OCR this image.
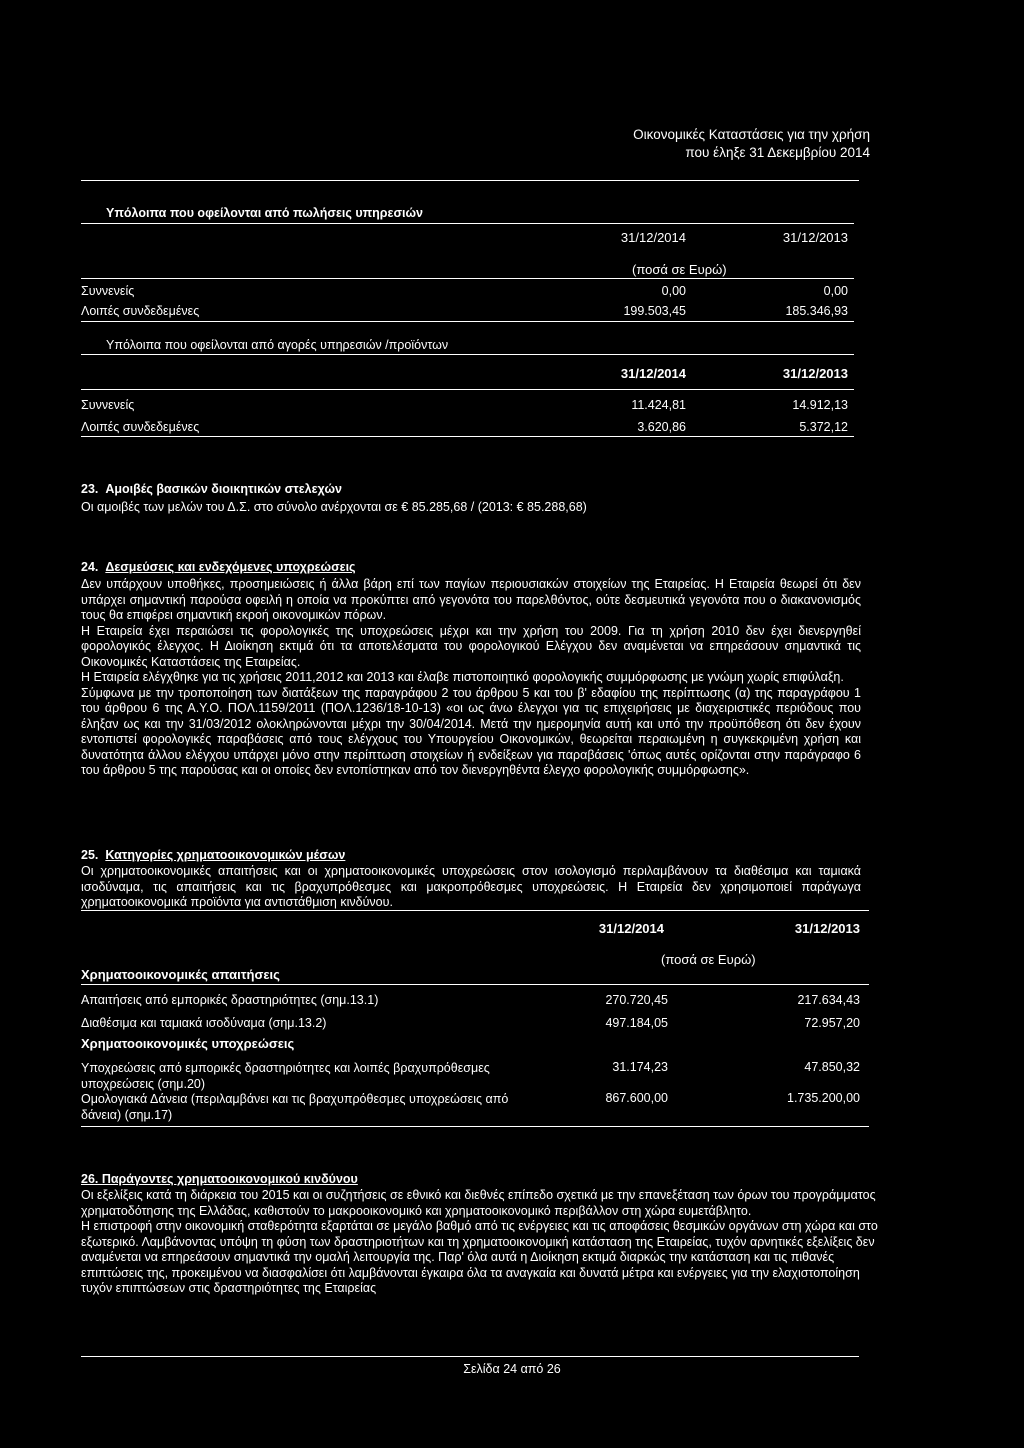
Οικονομικές Καταστάσεις για την χρήση
που έληξε 31 Δεκεμβρίου 2014
Υπόλοιπα που οφείλονται από πωλήσεις υπηρεσιών
31/12/2014	31/12/2013
(ποσά σε Ευρώ)
Συννενείς	0,00	0,00
Λοιπές συνδεδεμένες	199.503,45	185.346,93
Υπόλοιπα που οφείλονται από αγορές υπηρεσιών /προϊόντων
31/12/2014	31/12/2013
Συννενείς	11.424,81	14.912,13
Λοιπές συνδεδεμένες	3.620,86	5.372,12
23. Αμοιβές βασικών διοικητικών στελεχών
Οι αμοιβές των μελών του Δ.Σ. στο σύνολο ανέρχονται σε € 85.285,68 / (2013: € 85.288,68)
24. Δεσμεύσεις και ενδεχόμενες υποχρεώσεις

Δεν υπάρχουν υποθήκες, προσημειώσεις ή άλλα βάρη επί των παγίων περιουσιακών στοιχείων της Εταιρείας. Η Εταιρεία θεωρεί ότι δεν υπάρχει σημαντική παρούσα οφειλή η οποία να προκύπτει από γεγονότα του παρελθόντος, ούτε δεσμευτικά γεγονότα που ο διακανονισμός τους θα επιφέρει σημαντική εκροή οικονομικών πόρων.

Η Εταιρεία έχει περαιώσει τις φορολογικές της υποχρεώσεις μέχρι και την χρήση του 2009. Για τη χρήση 2010 δεν έχει διενεργηθεί φορολογικός έλεγχος. Η Διοίκηση εκτιμά ότι τα αποτελέσματα του φορολογικού Ελέγχου δεν αναμένεται να επηρεάσουν σημαντικά τις Οικονομικές Καταστάσεις της Εταιρείας.

Η Εταιρεία ελέγχθηκε για τις χρήσεις 2011,2012 και 2013 και έλαβε πιστοποιητικό φορολογικής συμμόρφωσης με γνώμη χωρίς επιφύλαξη.

Σύμφωνα με την τροποποίηση των διατάξεων της παραγράφου 2 του άρθρου 5 και του β' εδαφίου της περίπτωσης (α) της παραγράφου 1 του άρθρου 6 της Α.Υ.Ο. ΠΟΛ.1159/2011 (ΠΟΛ.1236/18-10-13) «οι ως άνω έλεγχοι για τις επιχειρήσεις με διαχειριστικές περιόδους που έληξαν ως και την 31/03/2012 ολοκληρώνονται μέχρι την 30/04/2014. Μετά την ημερομηνία αυτή και υπό την προϋπόθεση ότι δεν έχουν εντοπιστεί φορολογικές παραβάσεις από τους ελέγχους του Υπουργείου Οικονομικών, θεωρείται περαιωμένη η συγκεκριμένη χρήση και δυνατότητα άλλου ελέγχου υπάρχει μόνο στην περίπτωση στοιχείων ή ενδείξεων για παραβάσεις 'όπως αυτές ορίζονται στην παράγραφο 6 του άρθρου 5 της παρούσας και οι οποίες δεν εντοπίστηκαν από τον διενεργηθέντα έλεγχο φορολογικής συμμόρφωσης».

25. Κατηγορίες χρηματοοικονομικών μέσων

Οι χρηματοοικονομικές απαιτήσεις και οι χρηματοοικονομικές υποχρεώσεις στον ισολογισμό περιλαμβάνουν τα διαθέσιμα και ταμιακά ισοδύναμα, τις απαιτήσεις και τις βραχυπρόθεσμες και μακροπρόθεσμες υποχρεώσεις. Η Εταιρεία δεν χρησιμοποιεί παράγωγα χρηματοοικονομικά προϊόντα για αντιστάθμιση κινδύνου.

31/12/2014	31/12/2013
(ποσά σε Ευρώ)
Χρηματοοικονομικές απαιτήσεις
Απαιτήσεις από εμπορικές δραστηριότητες (σημ.13.1)	270.720,45	217.634,43
Διαθέσιμα και ταμιακά ισοδύναμα (σημ.13.2)	497.184,05	72.957,20
Χρηματοοικονομικές υποχρεώσεις
Υποχρεώσεις από εμπορικές δραστηριότητες και λοιπές βραχυπρόθεσμες
υποχρεώσεις (σημ.20)
31.174,23	47.850,32
Ομολογιακά Δάνεια (περιλαμβάνει και τις βραχυπρόθεσμες υποχρεώσεις από
δάνεια) (σημ.17)
867.600,00	1.735.200,00
26. Παράγοντες χρηματοοικονομικού κινδύνου

Οι εξελίξεις κατά τη διάρκεια του 2015 και οι συζητήσεις σε εθνικό και διεθνές επίπεδο σχετικά με την επανεξέταση των όρων του προγράμματος χρηματοδότησης της Ελλάδας, καθιστούν το μακροοικονομικό και χρηματοοικονομικό περιβάλλον στη χώρα ευμετάβλητο.

Η επιστροφή στην οικονομική σταθερότητα εξαρτάται σε μεγάλο βαθμό από τις ενέργειες και τις αποφάσεις θεσμικών οργάνων στη χώρα και στο εξωτερικό. Λαμβάνοντας υπόψη τη φύση των δραστηριοτήτων και τη χρηματοοικονομική κατάσταση της Εταιρείας, τυχόν αρνητικές εξελίξεις δεν αναμένεται να επηρεάσουν σημαντικά την ομαλή λειτουργία της. Παρ' όλα αυτά η Διοίκηση εκτιμά διαρκώς την κατάσταση και τις πιθανές επιπτώσεις της, προκειμένου να διασφαλίσει ότι λαμβάνονται έγκαιρα όλα τα αναγκαία και δυνατά μέτρα και ενέργειες για την ελαχιστοποίηση τυχόν επιπτώσεων στις δραστηριότητες της Εταιρείας

Σελίδα 24 από 26
